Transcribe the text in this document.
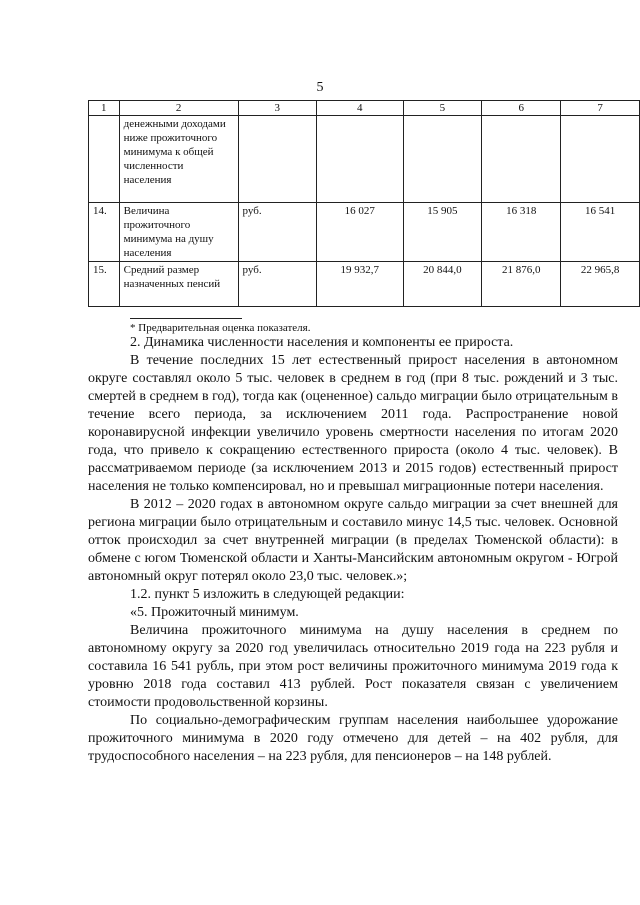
5
1	2	3	4	5	6	7
	денежными доходами ниже прожиточного минимума к общей численности населения					
14.	Величина прожиточного минимума на душу населения	руб.	16 027	15 905	16 318	16 541
15.	Средний размер назначенных пенсий	руб.	19 932,7	20 844,0	21 876,0	22 965,8
* Предварительная оценка показателя.

2. Динамика численности населения и компоненты ее прироста.

В течение последних 15 лет естественный прирост населения в автономном округе составлял около 5 тыс. человек в среднем в год (при 8 тыс. рождений и 3 тыс. смертей в среднем в год), тогда как (оцененное) сальдо миграции было отрицательным в течение всего периода, за исключением 2011 года. Распространение новой коронавирусной инфекции увеличило уровень смертности населения по итогам 2020 года, что привело к сокращению естественного прироста (около 4 тыс. человек). В рассматриваемом периоде (за исключением 2013 и 2015 годов) естественный прирост населения не только компенсировал, но и превышал миграционные потери населения.

В 2012 – 2020 годах в автономном округе сальдо миграции за счет внешней для региона миграции было отрицательным и составило минус 14,5 тыс. человек. Основной отток происходил за счет внутренней миграции (в пределах Тюменской области): в обмене с югом Тюменской области и Ханты-Мансийским автономным округом - Югрой автономный округ потерял около 23,0 тыс. человек.»;

1.2. пункт 5 изложить в следующей редакции:

«5. Прожиточный минимум.

Величина прожиточного минимума на душу населения в среднем по автономному округу за 2020 год увеличилась относительно 2019 года на 223 рубля и составила 16 541 рубль, при этом рост величины прожиточного минимума 2019 года к уровню 2018 года составил 413 рублей. Рост показателя связан с увеличением стоимости продовольственной корзины.

По социально-демографическим группам населения наибольшее удорожание прожиточного минимума в 2020 году отмечено для детей – на 402 рубля, для трудоспособного населения – на 223 рубля, для пенсионеров – на 148 рублей.
